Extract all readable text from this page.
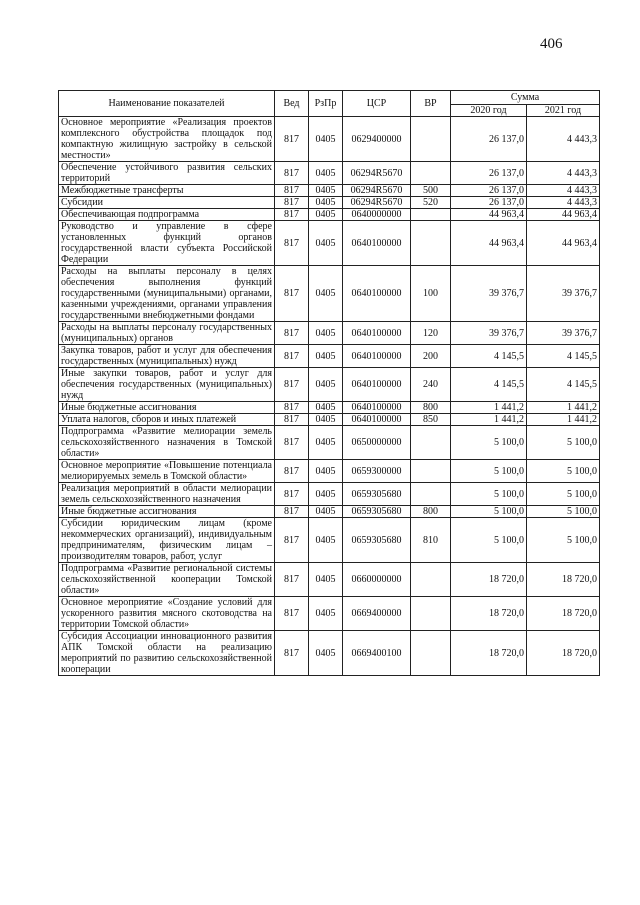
406
Наименование показателей	Вед	РзПр	ЦСР	ВР	Сумма	
					2020 год	2021 год
Основное мероприятие «Реализация проектов комплексного обустройства площадок под компактную жилищную застройку в сельской местности»	817	0405	0629400000		26 137,0	4 443,3
Обеспечение устойчивого развития сельских территорий	817	0405	06294R5670		26 137,0	4 443,3
Межбюджетные трансферты	817	0405	06294R5670	500	26 137,0	4 443,3
Субсидии	817	0405	06294R5670	520	26 137,0	4 443,3
Обеспечивающая подпрограмма	817	0405	0640000000		44 963,4	44 963,4
Руководство и управление в сфере установленных функций органов государственной власти субъекта Российской Федерации	817	0405	0640100000		44 963,4	44 963,4
Расходы на выплаты персоналу в целях обеспечения выполнения функций государственными (муниципальными) органами, казенными учреждениями, органами управления государственными внебюджетными фондами	817	0405	0640100000	100	39 376,7	39 376,7
Расходы на выплаты персоналу государственных (муниципальных) органов	817	0405	0640100000	120	39 376,7	39 376,7
Закупка товаров, работ и услуг для обеспечения государственных (муниципальных) нужд	817	0405	0640100000	200	4 145,5	4 145,5
Иные закупки товаров, работ и услуг для обеспечения государственных (муниципальных) нужд	817	0405	0640100000	240	4 145,5	4 145,5
Иные бюджетные ассигнования	817	0405	0640100000	800	1 441,2	1 441,2
Уплата налогов, сборов и иных платежей	817	0405	0640100000	850	1 441,2	1 441,2
Подпрограмма «Развитие мелиорации земель сельскохозяйственного назначения в Томской области»	817	0405	0650000000		5 100,0	5 100,0
Основное мероприятие «Повышение потенциала мелиорируемых земель в Томской области»	817	0405	0659300000		5 100,0	5 100,0
Реализация мероприятий в области мелиорации земель сельскохозяйственного назначения	817	0405	0659305680		5 100,0	5 100,0
Иные бюджетные ассигнования	817	0405	0659305680	800	5 100,0	5 100,0
Субсидии юридическим лицам (кроме некоммерческих организаций), индивидуальным предпринимателям, физическим лицам – производителям товаров, работ, услуг	817	0405	0659305680	810	5 100,0	5 100,0
Подпрограмма «Развитие региональной системы сельскохозяйственной кооперации Томской области»	817	0405	0660000000		18 720,0	18 720,0
Основное мероприятие «Создание условий для ускоренного развития мясного скотоводства на территории Томской области»	817	0405	0669400000		18 720,0	18 720,0
Субсидия Ассоциации инновационного развития АПК Томской области на реализацию мероприятий по развитию сельскохозяйственной кооперации	817	0405	0669400100		18 720,0	18 720,0
